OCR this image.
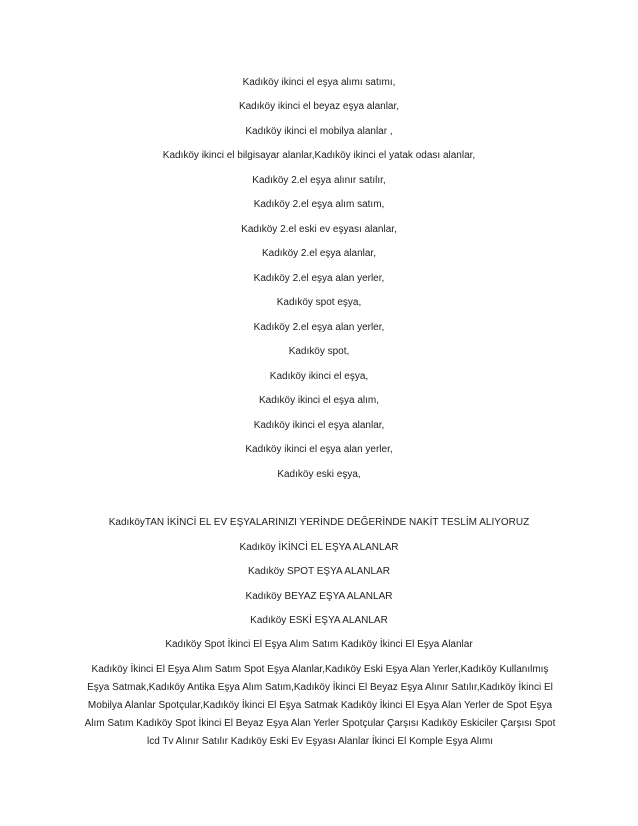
Kadıköy ikinci el eşya alımı satımı,
Kadıköy ikinci el beyaz eşya alanlar,
Kadıköy ikinci el mobilya alanlar ,
Kadıköy ikinci el bilgisayar alanlar,Kadıköy ikinci el yatak odası alanlar,
Kadıköy 2.el eşya alınır satılır,
Kadıköy 2.el eşya alım satım,
Kadıköy 2.el eski ev eşyası alanlar,
Kadıköy 2.el eşya alanlar,
Kadıköy 2.el eşya alan yerler,
Kadıköy spot eşya,
Kadıköy 2.el eşya alan yerler,
Kadıköy spot,
Kadıköy ikinci el eşya,
Kadıköy ikinci el eşya alım,
Kadıköy ikinci el eşya alanlar,
Kadıköy ikinci el eşya alan yerler,
Kadıköy eski eşya,
KadıköyTAN İKİNCİ EL EV EŞYALARINIZI YERİNDE DEĞERİNDE NAKİT TESLİM ALIYORUZ
Kadıköy İKİNCİ EL EŞYA ALANLAR
Kadıköy SPOT EŞYA ALANLAR
Kadıköy BEYAZ EŞYA ALANLAR
Kadıköy ESKİ EŞYA ALANLAR
Kadıköy Spot İkinci El Eşya Alım Satım Kadıköy İkinci El Eşya Alanlar
Kadıköy İkinci El Eşya Alım Satım Spot Eşya Alanlar,Kadıköy Eski Eşya Alan Yerler,Kadıköy Kullanılmış Eşya Satmak,Kadıköy Antika Eşya Alım Satım,Kadıköy İkinci El Beyaz Eşya Alınır Satılır,Kadıköy İkinci El Mobilya Alanlar Spotçular,Kadıköy İkinci El Eşya Satmak Kadıköy İkinci El Eşya Alan Yerler de Spot Eşya Alım Satım Kadıköy Spot İkinci El Beyaz Eşya Alan Yerler Spotçular Çarşısı Kadıköy Eskiciler Çarşısı Spot lcd Tv Alınır Satılır Kadıköy Eski Ev Eşyası Alanlar İkinci El Komple Eşya Alımı
